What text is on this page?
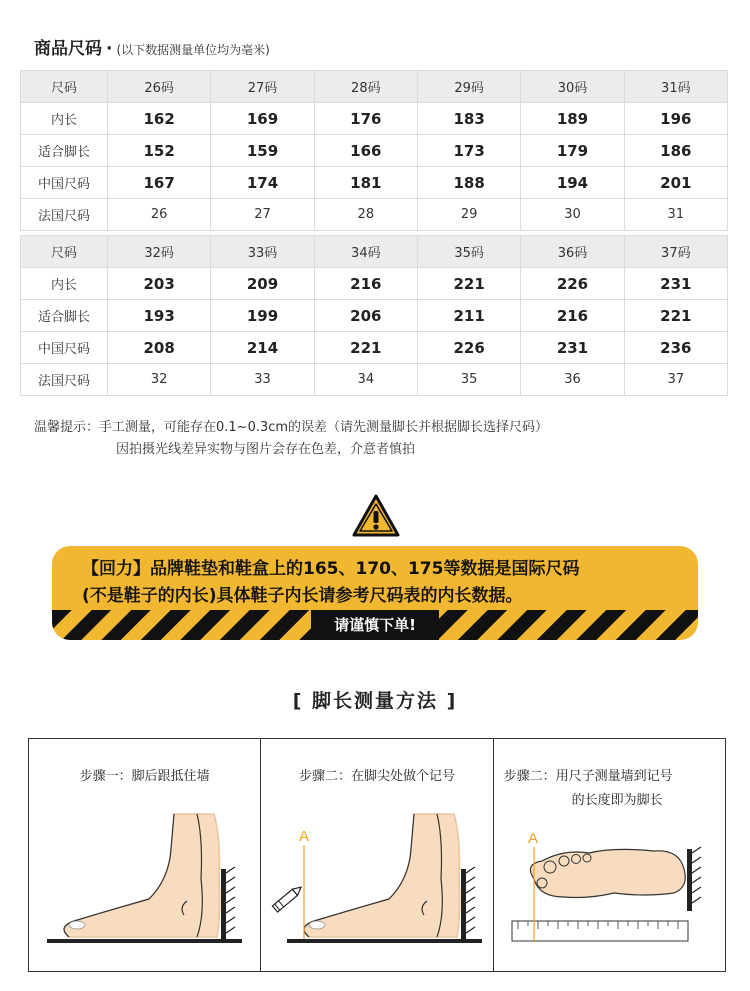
商品尺码 · (以下数据测量单位均为毫米)
尺码	26码	27码	28码	29码	30码	31码
内长	162	169	176	183	189	196
适合脚长	152	159	166	173	179	186
中国尺码	167	174	181	188	194	201
法国尺码	26	27	28	29	30	31
尺码	32码	33码	34码	35码	36码	37码
内长	203	209	216	221	226	231
适合脚长	193	199	206	211	216	221
中国尺码	208	214	221	226	231	236
法国尺码	32	33	34	35	36	37
温馨提示：手工测量，可能存在0.1~0.3cm的误差（请先测量脚长并根据脚长选择尺码）
因拍摄光线差异实物与图片会存在色差，介意者慎拍
【回力】品牌鞋垫和鞋盒上的165、170、175等数据是国际尺码
(不是鞋子的内长)具体鞋子内长请参考尺码表的内长数据。
请谨慎下单!
[ 脚长测量方法 ]
步骤一：脚后跟抵住墙	步骤二：在脚尖处做个记号
A
步骤二：用尺子测量墙到记号
的长度即为脚长
A
